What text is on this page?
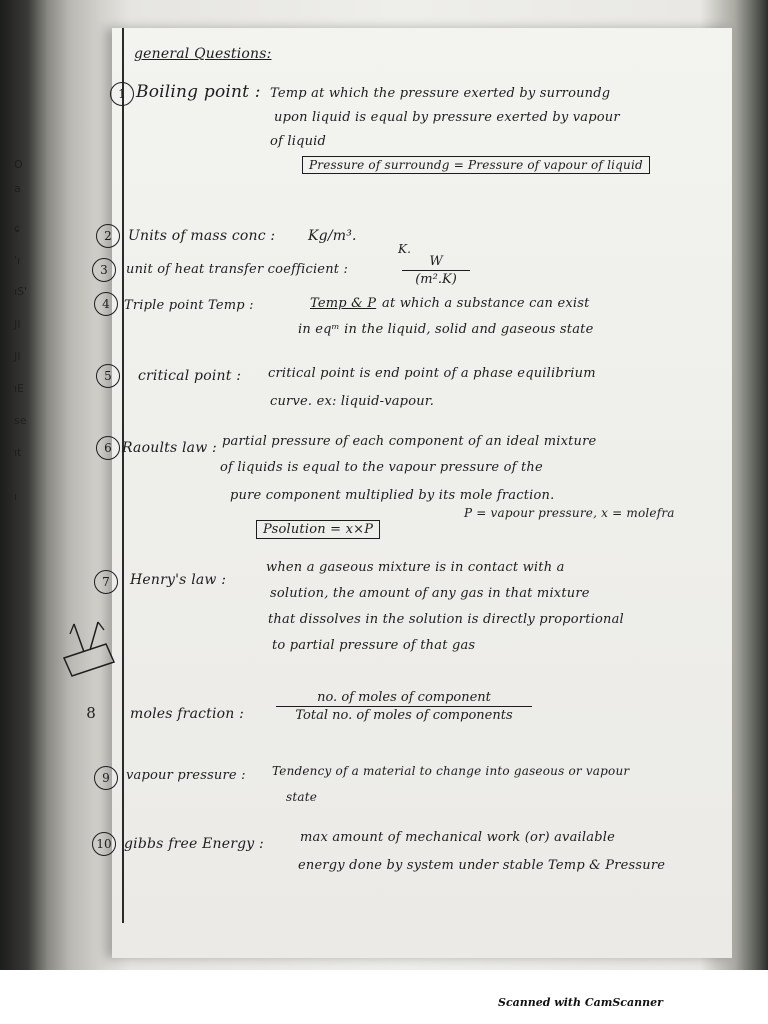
O
a
ɕ
'ı
ıS'
JI
JI
ıE
se
ıt
ı
general Questions:
1 Boiling point : Temp at which the pressure exerted by surroundg
upon liquid is equal by pressure exerted by vapour
of liquid
Pressure of surroundg = Pressure of vapour of liquid
2	Units of mass conc : Kg/m³.
3	unit of heat transfer coefficient :
K.
W
(m².K)
4	Triple point Temp :	Temp & P at which a substance can exist
in eqᵐ in the liquid, solid and gaseous state
5	critical point : critical point is end point of a phase equilibrium
curve. ex: liquid-vapour.
6 Raoults law : partial pressure of each component of an ideal mixture
of liquids is equal to the vapour pressure of the
pure component multiplied by its mole fraction.
Psolution = x×P
P = vapour pressure, x = molefra
7	Henry's law :
when a gaseous mixture is in contact with a
solution, the amount of any gas in that mixture
that dissolves in the solution is directly proportional
to partial pressure of that gas
8	moles fraction :
no. of moles of component
Total no. of moles of components
9	vapour pressure : Tendency of a material to change into gaseous or vapour
state
10 gibbs free Energy :	max amount of mechanical work (or) available
energy done by system under stable Temp & Pressure
Scanned with CamScanner
